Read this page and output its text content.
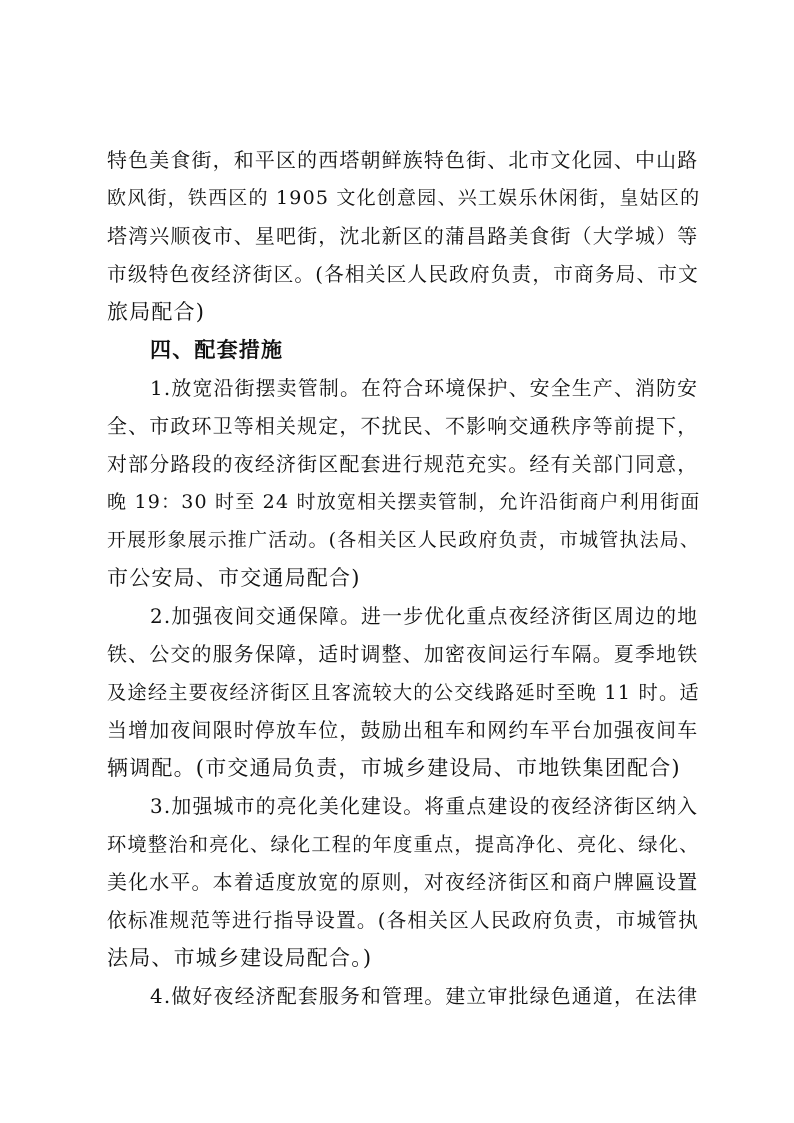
特色美食街，和平区的西塔朝鲜族特色街、北市文化园、中山路
欧风街，铁西区的 1905 文化创意园、兴工娱乐休闲街，皇姑区的
塔湾兴顺夜市、星吧街，沈北新区的蒲昌路美食街（大学城）等
市级特色夜经济街区。(各相关区人民政府负责，市商务局、市文
旅局配合)
四、配套措施
1.放宽沿街摆卖管制。在符合环境保护、安全生产、消防安
全、市政环卫等相关规定，不扰民、不影响交通秩序等前提下，
对部分路段的夜经济街区配套进行规范充实。经有关部门同意，
晚 19：30 时至 24 时放宽相关摆卖管制，允许沿街商户利用街面
开展形象展示推广活动。(各相关区人民政府负责，市城管执法局、
市公安局、市交通局配合)
2.加强夜间交通保障。进一步优化重点夜经济街区周边的地
铁、公交的服务保障，适时调整、加密夜间运行车隔。夏季地铁
及途经主要夜经济街区且客流较大的公交线路延时至晚 11 时。适
当增加夜间限时停放车位，鼓励出租车和网约车平台加强夜间车
辆调配。(市交通局负责，市城乡建设局、市地铁集团配合)
3.加强城市的亮化美化建设。将重点建设的夜经济街区纳入
环境整治和亮化、绿化工程的年度重点，提高净化、亮化、绿化、
美化水平。本着适度放宽的原则，对夜经济街区和商户牌匾设置
依标准规范等进行指导设置。(各相关区人民政府负责，市城管执
法局、市城乡建设局配合。)
4.做好夜经济配套服务和管理。建立审批绿色通道，在法律
